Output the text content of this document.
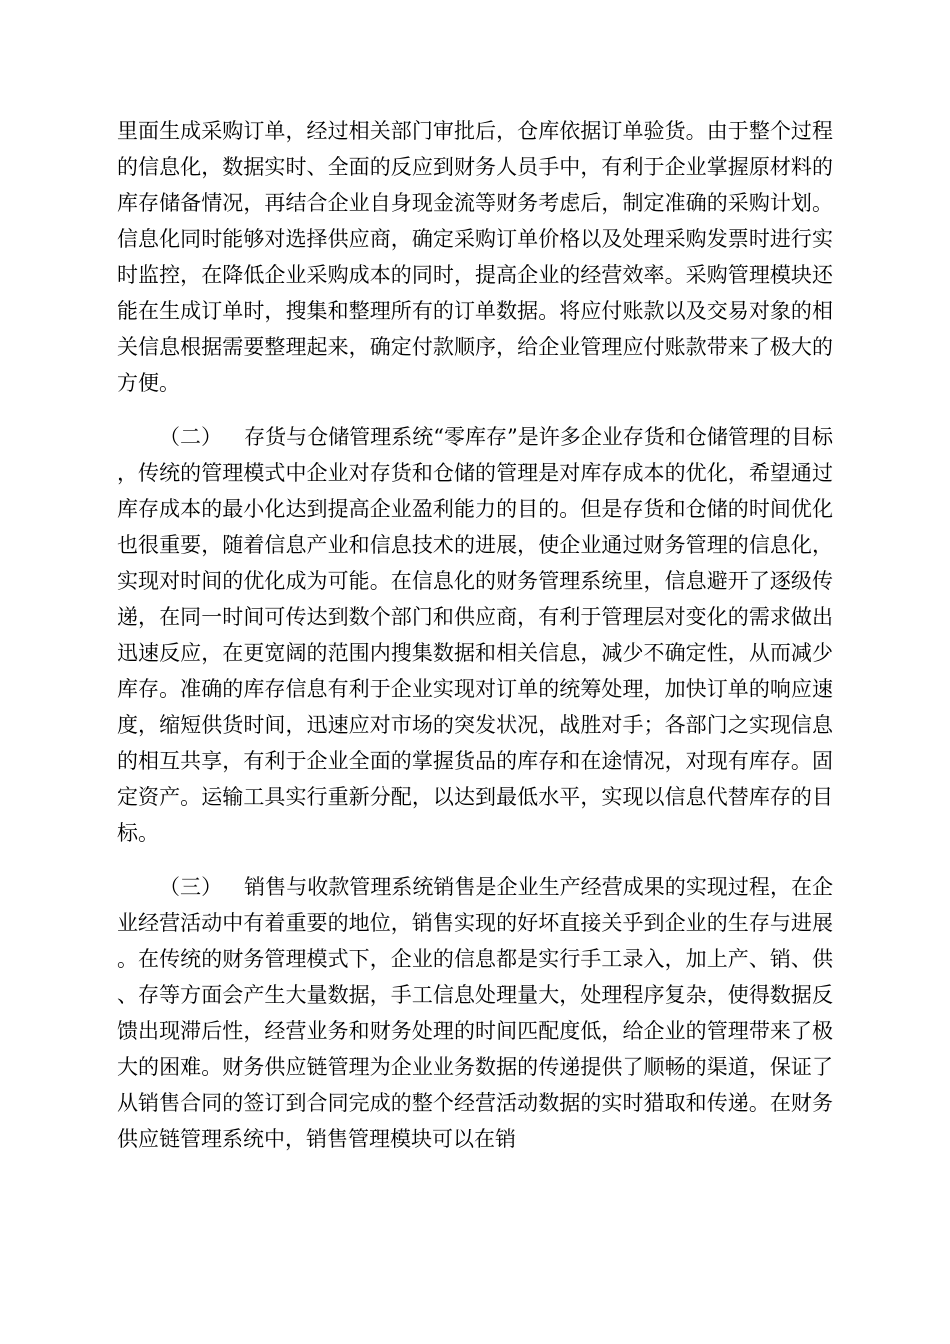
里面生成采购订单，经过相关部门审批后，仓库依据订单验货。由于整个过程的信息化，数据实时、全面的反应到财务人员手中，有利于企业掌握原材料的库存储备情况，再结合企业自身现金流等财务考虑后，制定准确的采购计划。信息化同时能够对选择供应商，确定采购订单价格以及处理采购发票时进行实时监控，在降低企业采购成本的同时，提高企业的经营效率。采购管理模块还能在生成订单时，搜集和整理所有的订单数据。将应付账款以及交易对象的相关信息根据需要整理起来，确定付款顺序，给企业管理应付账款带来了极大的方便。

（二） 存货与仓储管理系统“零库存”是许多企业存货和仓储管理的目标，传统的管理模式中企业对存货和仓储的管理是对库存成本的优化，希望通过库存成本的最小化达到提高企业盈利能力的目的。但是存货和仓储的时间优化也很重要，随着信息产业和信息技术的进展，使企业通过财务管理的信息化，实现对时间的优化成为可能。在信息化的财务管理系统里，信息避开了逐级传递，在同一时间可传达到数个部门和供应商，有利于管理层对变化的需求做出迅速反应，在更宽阔的范围内搜集数据和相关信息，减少不确定性，从而减少库存。准确的库存信息有利于企业实现对订单的统筹处理，加快订单的响应速度，缩短供货时间，迅速应对市场的突发状况，战胜对手；各部门之实现信息的相互共享，有利于企业全面的掌握货品的库存和在途情况，对现有库存。固定资产。运输工具实行重新分配，以达到最低水平，实现以信息代替库存的目标。

（三） 销售与收款管理系统销售是企业生产经营成果的实现过程，在企业经营活动中有着重要的地位，销售实现的好坏直接关乎到企业的生存与进展。在传统的财务管理模式下，企业的信息都是实行手工录入，加上产、销、供、存等方面会产生大量数据，手工信息处理量大，处理程序复杂，使得数据反馈出现滞后性，经营业务和财务处理的时间匹配度低，给企业的管理带来了极大的困难。财务供应链管理为企业业务数据的传递提供了顺畅的渠道，保证了从销售合同的签订到合同完成的整个经营活动数据的实时猎取和传递。在财务供应链管理系统中，销售管理模块可以在销
